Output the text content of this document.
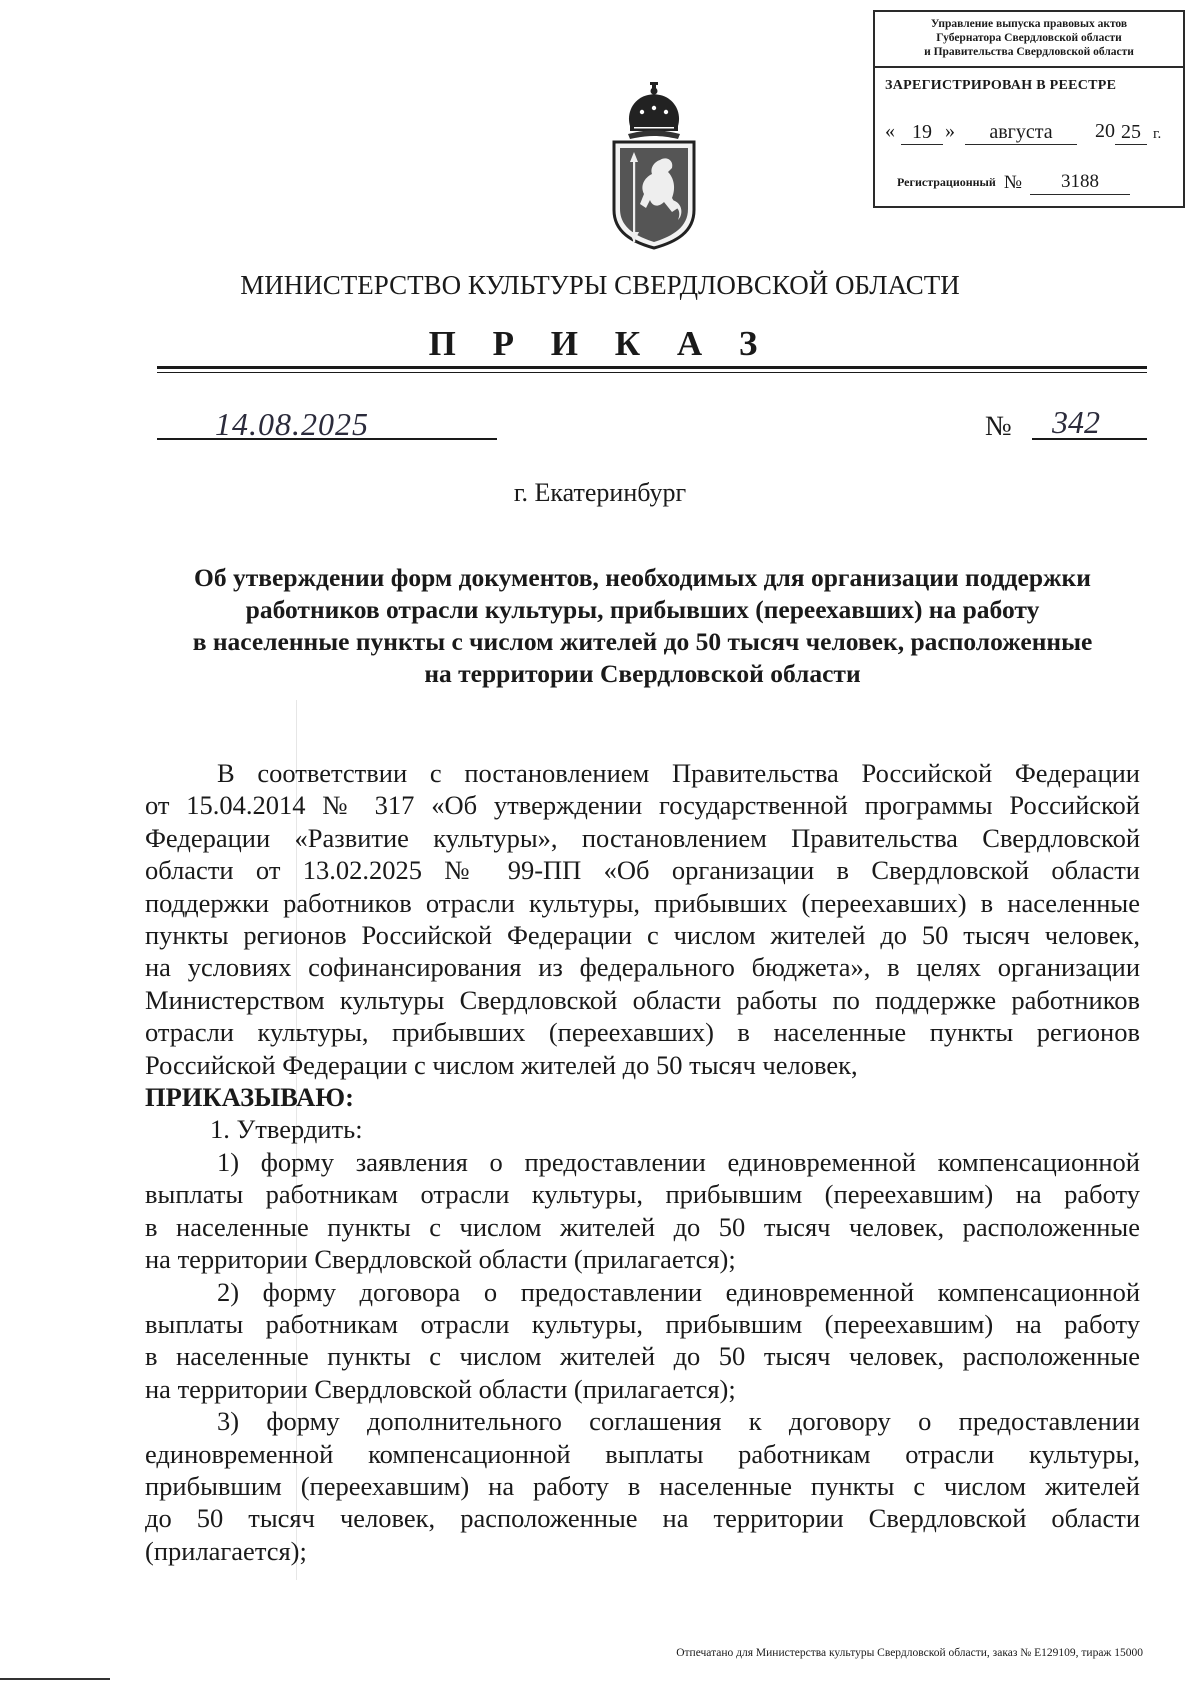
Управление выпуска правовых актов
Губернатора Свердловской области
и Правительства Свердловской области
ЗАРЕГИСТРИРОВАН В РЕЕСТРЕ
« 19 »	августа	20 25 г.
Регистрационный № 3188
МИНИСТЕРСТВО КУЛЬТУРЫ СВЕРДЛОВСКОЙ ОБЛАСТИ
П Р И К А З
14.08.2025	№ 342
г. Екатеринбург
Об утверждении форм документов, необходимых для организации поддержки
работников отрасли культуры, прибывших (переехавших) на работу
в населенные пункты с числом жителей до 50 тысяч человек, расположенные
на территории Свердловской области
В соответствии с постановлением Правительства Российской Федерации
от 15.04.2014 № 317 «Об утверждении государственной программы Российской
Федерации «Развитие культуры», постановлением Правительства Свердловской
области от 13.02.2025 № 99-ПП «Об организации в Свердловской области
поддержки работников отрасли культуры, прибывших (переехавших) в населенные
пункты регионов Российской Федерации с числом жителей до 50 тысяч человек,
на условиях софинансирования из федерального бюджета», в целях организации
Министерством культуры Свердловской области работы по поддержке работников
отрасли культуры, прибывших (переехавших) в населенные пункты регионов
Российской Федерации с числом жителей до 50 тысяч человек,
ПРИКАЗЫВАЮ:
1. Утвердить:
1) форму заявления о предоставлении единовременной компенсационной
выплаты работникам отрасли культуры, прибывшим (переехавшим) на работу
в населенные пункты с числом жителей до 50 тысяч человек, расположенные
на территории Свердловской области (прилагается);
2) форму договора о предоставлении единовременной компенсационной
выплаты работникам отрасли культуры, прибывшим (переехавшим) на работу
в населенные пункты с числом жителей до 50 тысяч человек, расположенные
на территории Свердловской области (прилагается);
3) форму дополнительного соглашения к договору о предоставлении
единовременной компенсационной выплаты работникам отрасли культуры,
прибывшим (переехавшим) на работу в населенные пункты с числом жителей
до 50 тысяч человек, расположенные на территории Свердловской области
(прилагается);
Отпечатано для Министерства культуры Свердловской области, заказ № Е129109, тираж 15000
